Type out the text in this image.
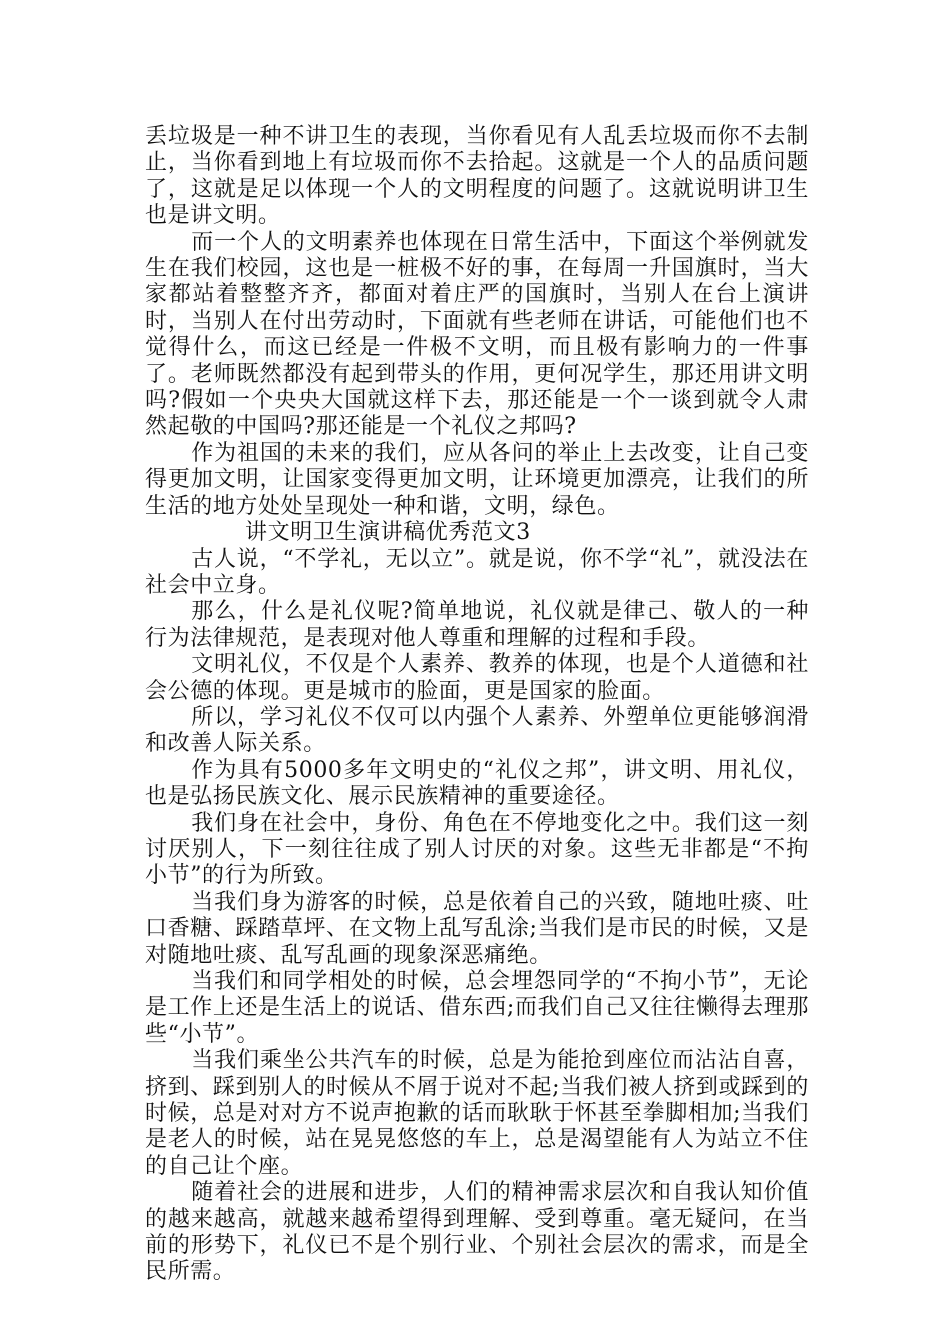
丢垃圾是一种不讲卫生的表现，当你看见有人乱丢垃圾而你不去制止，当你看到地上有垃圾而你不去拾起。这就是一个人的品质问题了，这就是足以体现一个人的文明程度的问题了。这就说明讲卫生也是讲文明。

而一个人的文明素养也体现在日常生活中，下面这个举例就发生在我们校园，这也是一桩极不好的事，在每周一升国旗时，当大家都站着整整齐齐，都面对着庄严的国旗时，当别人在台上演讲时，当别人在付出劳动时，下面就有些老师在讲话，可能他们也不觉得什么，而这已经是一件极不文明，而且极有影响力的一件事了。老师既然都没有起到带头的作用，更何况学生，那还用讲文明吗?假如一个央央大国就这样下去，那还能是一个一谈到就令人肃然起敬的中国吗?那还能是一个礼仪之邦吗?

作为祖国的未来的我们，应从各问的举止上去改变，让自己变得更加文明，让国家变得更加文明，让环境更加漂亮，让我们的所生活的地方处处呈现处一种和谐，文明，绿色。

讲文明卫生演讲稿优秀范文3

古人说，“不学礼，无以立”。就是说，你不学“礼”，就没法在社会中立身。

那么，什么是礼仪呢?简单地说，礼仪就是律己、敬人的一种行为法律规范，是表现对他人尊重和理解的过程和手段。

文明礼仪，不仅是个人素养、教养的体现，也是个人道德和社会公德的体现。更是城市的脸面，更是国家的脸面。

所以，学习礼仪不仅可以内强个人素养、外塑单位更能够润滑和改善人际关系。

作为具有5000多年文明史的“礼仪之邦”，讲文明、用礼仪，也是弘扬民族文化、展示民族精神的重要途径。

我们身在社会中，身份、角色在不停地变化之中。我们这一刻讨厌别人，下一刻往往成了别人讨厌的对象。这些无非都是“不拘小节”的行为所致。

当我们身为游客的时候，总是依着自己的兴致，随地吐痰、吐口香糖、踩踏草坪、在文物上乱写乱涂;当我们是市民的时候，又是对随地吐痰、乱写乱画的现象深恶痛绝。

当我们和同学相处的时候，总会埋怨同学的“不拘小节”，无论是工作上还是生活上的说话、借东西;而我们自己又往往懒得去理那些“小节”。

当我们乘坐公共汽车的时候，总是为能抢到座位而沾沾自喜，挤到、踩到别人的时候从不屑于说对不起;当我们被人挤到或踩到的时候，总是对对方不说声抱歉的话而耿耿于怀甚至拳脚相加;当我们是老人的时候，站在晃晃悠悠的车上，总是渴望能有人为站立不住的自己让个座。

随着社会的进展和进步，人们的精神需求层次和自我认知价值的越来越高，就越来越希望得到理解、受到尊重。毫无疑问，在当前的形势下，礼仪已不是个别行业、个别社会层次的需求，而是全民所需。
